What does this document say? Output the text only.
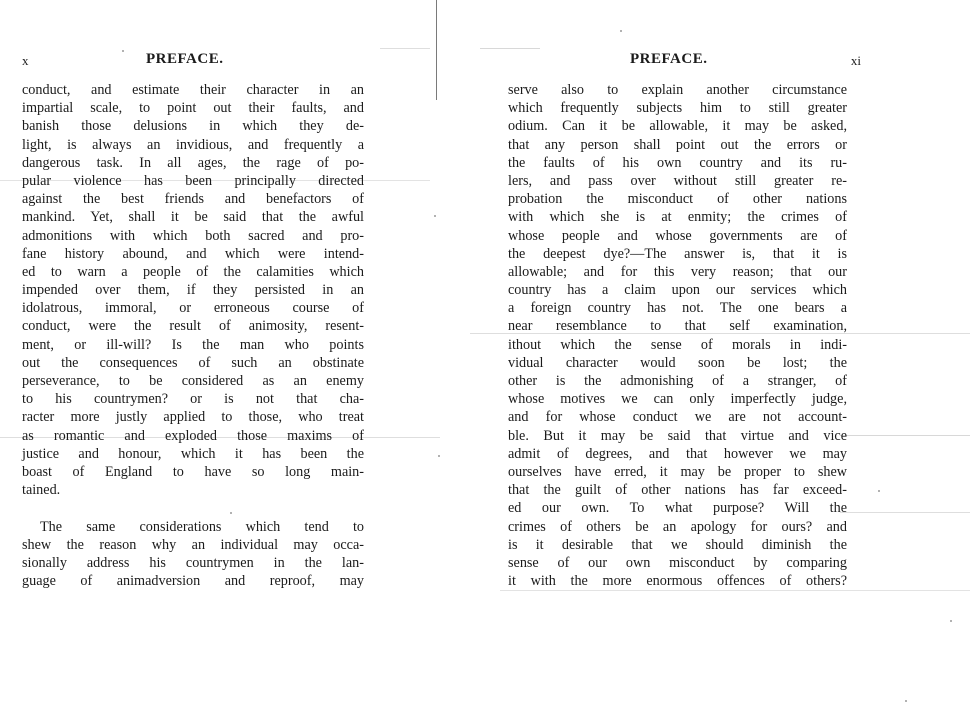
x	PREFACE.
conduct, and estimate their character in an
impartial scale, to point out their faults, and
banish those delusions in which they de-
light, is always an invidious, and frequently a
dangerous task. In all ages, the rage of po-
pular violence has been principally directed
against the best friends and benefactors of
mankind. Yet, shall it be said that the awful
admonitions with which both sacred and pro-
fane history abound, and which were intend-
ed to warn a people of the calamities which
impended over them, if they persisted in an
idolatrous, immoral, or erroneous course of
conduct, were the result of animosity, resent-
ment, or ill-will? Is the man who points
out the consequences of such an obstinate
perseverance, to be considered as an enemy
to his countrymen? or is not that cha-
racter more justly applied to those, who treat
as romantic and exploded those maxims of
justice and honour, which it has been the
boast of England to have so long main-
tained.
The same considerations which tend to
shew the reason why an individual may occa-
sionally address his countrymen in the lan-
guage of animadversion and reproof, may
PREFACE.	xi
serve also to explain another circumstance
which frequently subjects him to still greater
odium. Can it be allowable, it may be asked,
that any person shall point out the errors or
the faults of his own country and its ru-
lers, and pass over without still greater re-
probation the misconduct of other nations
with which she is at enmity; the crimes of
whose people and whose governments are of
the deepest dye?—The answer is, that it is
allowable; and for this very reason; that our
country has a claim upon our services which
a foreign country has not. The one bears a
near resemblance to that self examination,
ithout which the sense of morals in indi-
vidual character would soon be lost; the
other is the admonishing of a stranger, of
whose motives we can only imperfectly judge,
and for whose conduct we are not account-
ble. But it may be said that virtue and vice
admit of degrees, and that however we may
ourselves have erred, it may be proper to shew
that the guilt of other nations has far exceed-
ed our own. To what purpose? Will the
crimes of others be an apology for ours? and
is it desirable that we should diminish the
sense of our own misconduct by comparing
it with the more enormous offences of others?
